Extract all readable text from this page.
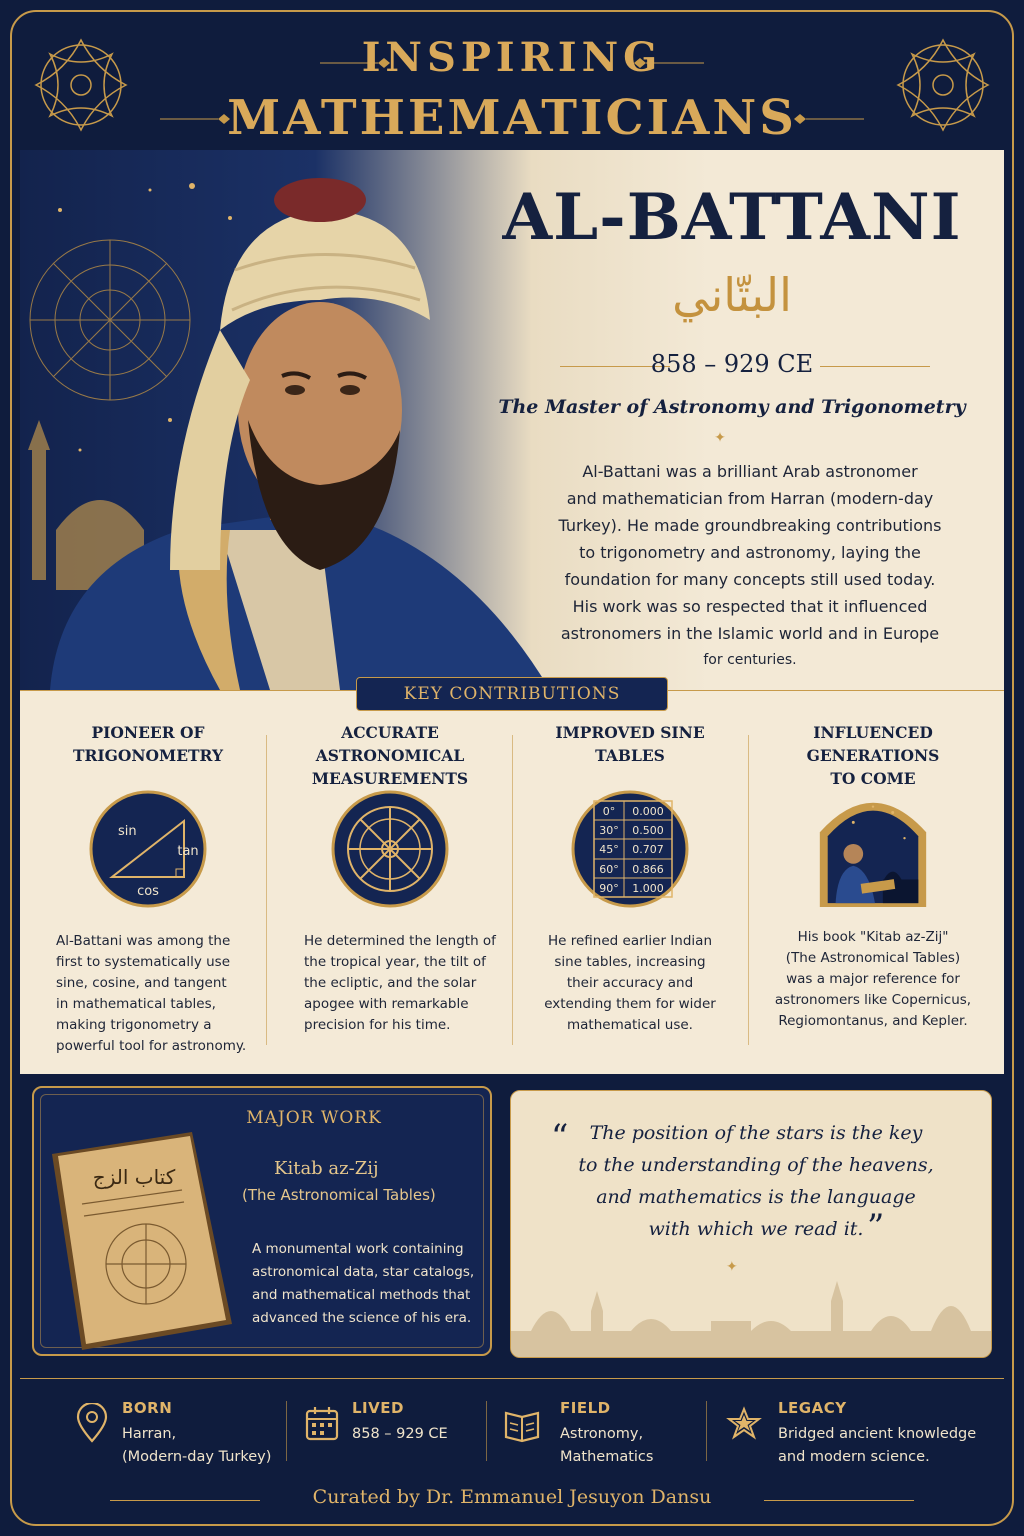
INSPIRING
MATHEMATICIANS
AL-BATTANI
البتّاني
858 – 929 CE
The Master of Astronomy and Trigonometry
✦
Al-Battani was a brilliant Arab astronomer
and mathematician from Harran (modern-day
Turkey). He made groundbreaking contributions
to trigonometry and astronomy, laying the
foundation for many concepts still used today.
His work was so respected that it influenced
astronomers in the Islamic world and in Europe
for centuries.
KEY CONTRIBUTIONS
PIONEER OF
TRIGONOMETRY
sin
tan
cos
Al-Battani was among the
first to systematically use
sine, cosine, and tangent
in mathematical tables,
making trigonometry a
powerful tool for astronomy.
ACCURATE ASTRONOMICAL
MEASUREMENTS
He determined the length of
the tropical year, the tilt of
the ecliptic, and the solar
apogee with remarkable
precision for his time.
IMPROVED SINE
TABLES
0° 0.000
30° 0.500
45° 0.707
60° 0.866
90° 1.000
He refined earlier Indian
sine tables, increasing
their accuracy and
extending them for wider
mathematical use.
INFLUENCED GENERATIONS
TO COME
His book "Kitab az-Zij"
(The Astronomical Tables)
was a major reference for
astronomers like Copernicus,
Regiomontanus, and Kepler.
MAJOR WORK
كتاب الزج	Kitab az-Zij
(The Astronomical Tables)
A monumental work containing
astronomical data, star catalogs,
and mathematical methods that
advanced the science of his era.
“	The position of the stars is the key
to the understanding of the heavens,
and mathematics is the language
with which we read it. ”
✦
BORN
Harran,
(Modern-day Turkey)
LIVED
858 – 929 CE
FIELD
Astronomy,
Mathematics
LEGACY
Bridged ancient knowledge
and modern science.
Curated by Dr. Emmanuel Jesuyon Dansu
